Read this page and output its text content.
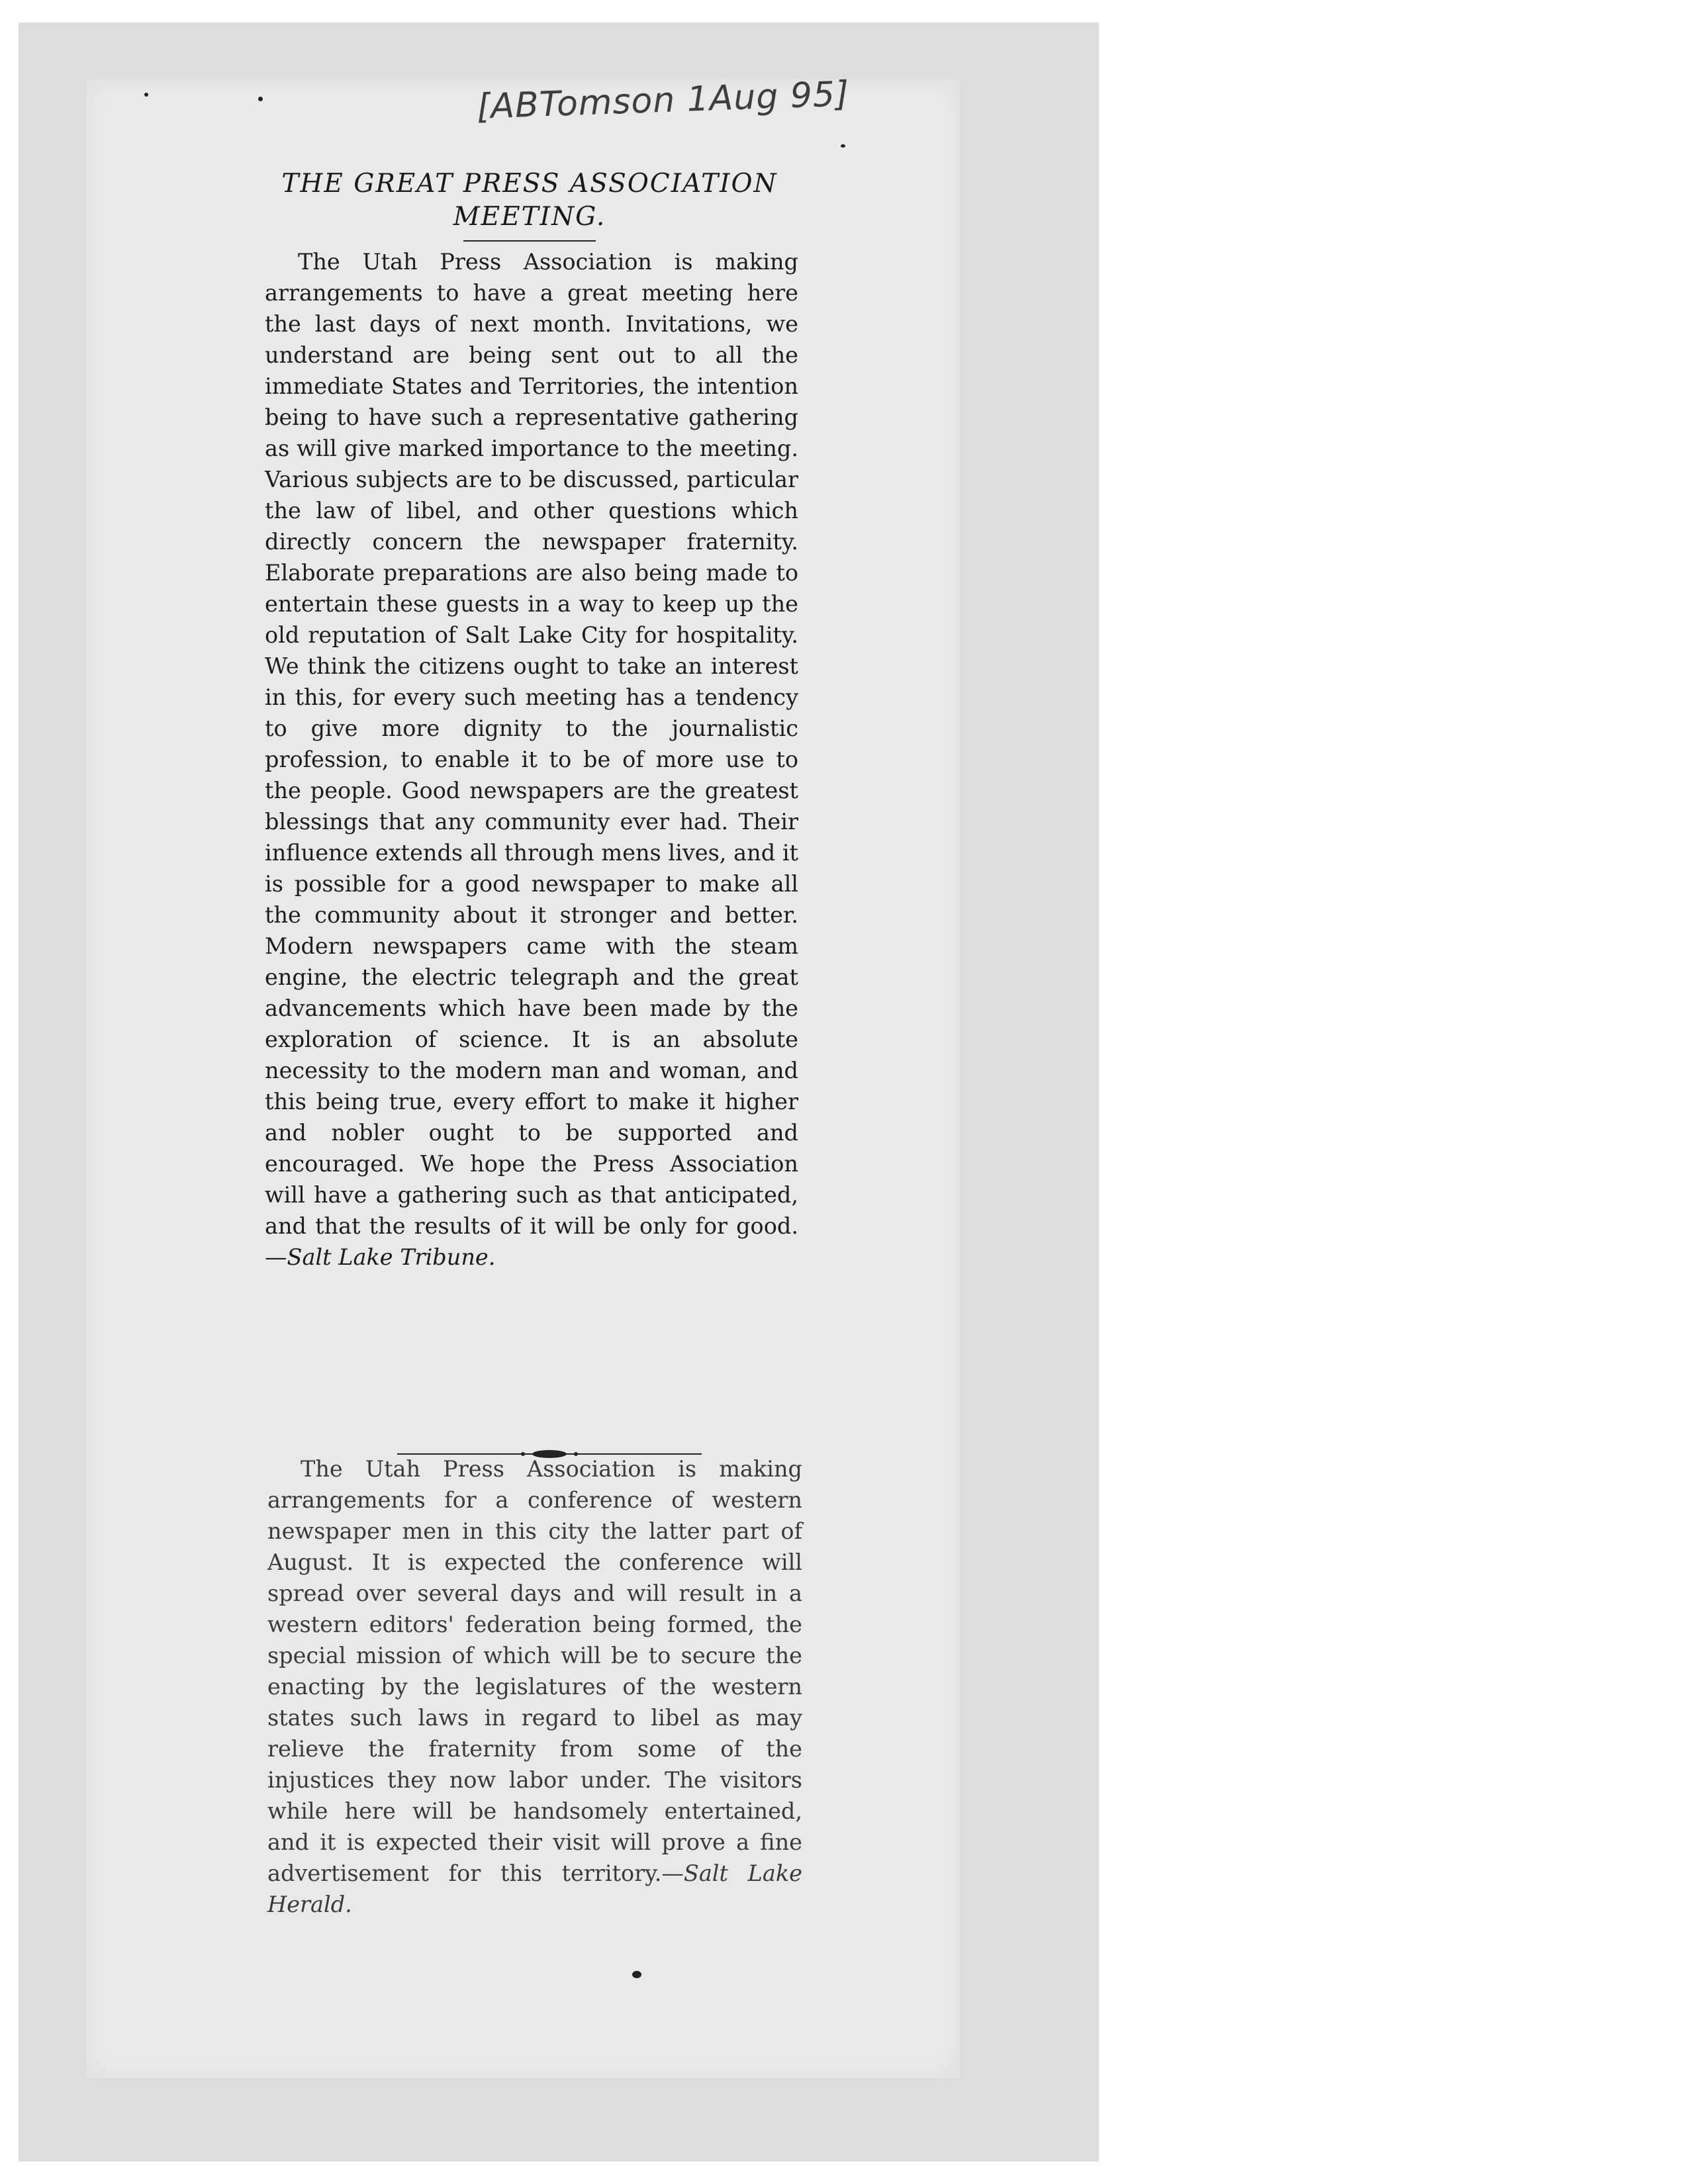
[ABTomson 1Aug 95]
THE GREAT PRESS ASSOCIATION
MEETING.

The Utah Press Association is making arrangements to have a great meeting here the last days of next month. Invitations, we understand are being sent out to all the immediate States and Territories, the intention being to have such a representative gathering as will give marked importance to the meeting. Various subjects are to be discussed, particular the law of libel, and other questions which directly concern the newspaper fraternity. Elaborate preparations are also being made to entertain these guests in a way to keep up the old reputation of Salt Lake City for hospitality. We think the citizens ought to take an interest in this, for every such meeting has a tendency to give more dignity to the journalistic profession, to enable it to be of more use to the people. Good newspapers are the greatest blessings that any community ever had. Their influence extends all through mens lives, and it is possible for a good newspaper to make all the community about it stronger and better. Modern newspapers came with the steam engine, the electric telegraph and the great advancements which have been made by the exploration of science. It is an absolute necessity to the modern man and woman, and this being true, every effort to make it higher and nobler ought to be supported and encouraged. We hope the Press Association will have a gathering such as that anticipated, and that the results of it will be only for good.—Salt Lake Tribune.

The Utah Press Association is making arrangements for a conference of western newspaper men in this city the latter part of August. It is expected the conference will spread over several days and will result in a western editors' federation being formed, the special mission of which will be to secure the enacting by the legislatures of the western states such laws in regard to libel as may relieve the fraternity from some of the injustices they now labor under. The visitors while here will be handsomely entertained, and it is expected their visit will prove a fine advertisement for this territory.—Salt Lake Herald.
